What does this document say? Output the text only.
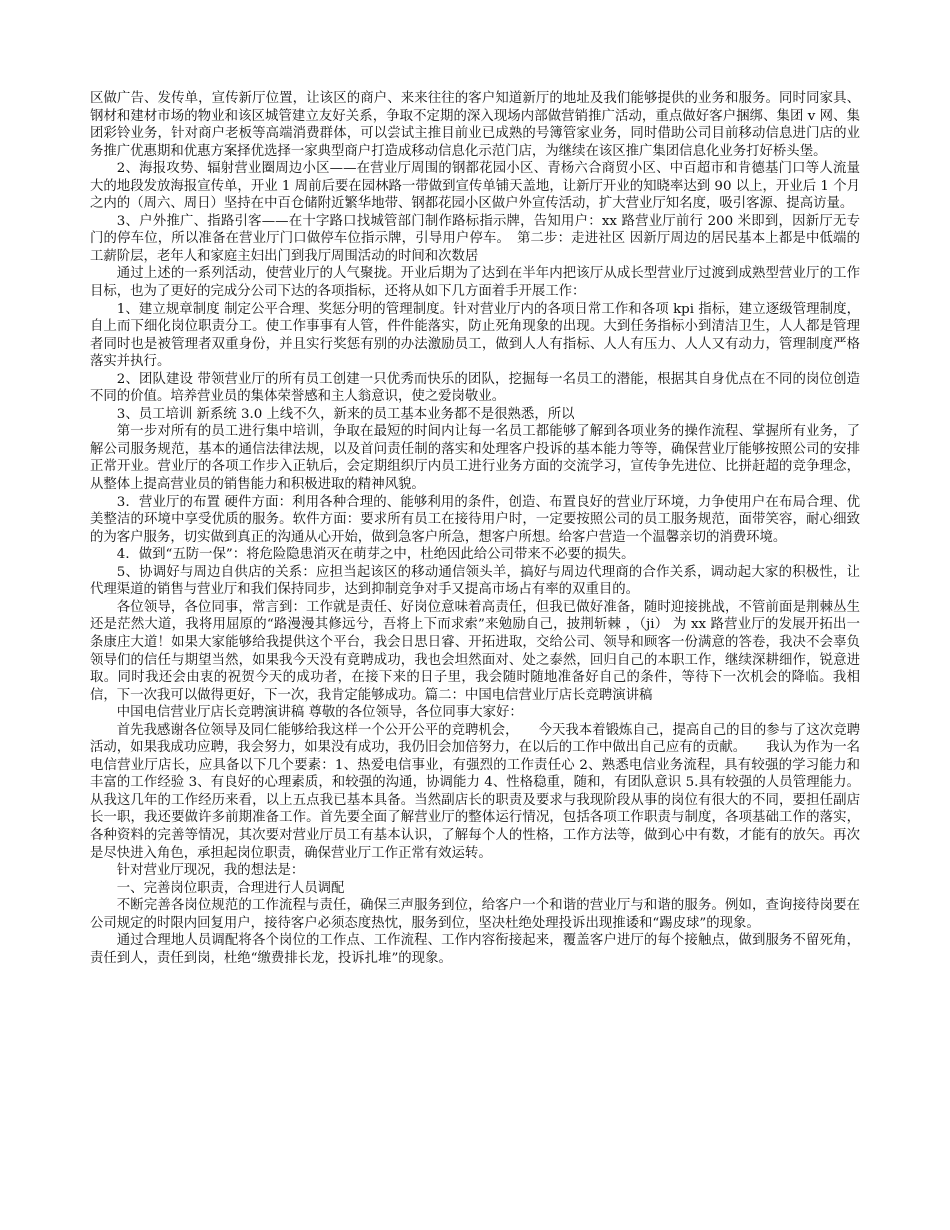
区做广告、发传单，宣传新厅位置，让该区的商户、来来往往的客户知道新厅的地址及我们能够提供的业务和服务。同时同家具、钢材和建材市场的物业和该区城管建立友好关系，争取不定期的深入现场内部做营销推广活动，重点做好客户捆绑、集团 v 网、集团彩铃业务，针对商户老板等高端消费群体，可以尝试主推目前业已成熟的号簿管家业务，同时借助公司目前移动信息进门店的业务推广优惠期和优惠方案择优选择一家典型商户打造成移动信息化示范门店，为继续在该区推广集团信息化业务打好桥头堡。

2、海报攻势、辐射营业圈周边小区——在营业厅周围的钢都花园小区、青杨六合商贸小区、中百超市和肯德基门口等人流量大的地段发放海报宣传单，开业 1 周前后要在园林路一带做到宣传单铺天盖地，让新厅开业的知晓率达到 90 以上，开业后 1 个月之内的（周六、周日）坚持在中百仓储附近繁华地带、钢都花园小区做户外宣传活动，扩大营业厅知名度，吸引客源、提高访量。

3、户外推广、指路引客——在十字路口找城管部门制作路标指示牌，告知用户：xx 路营业厅前行 200 米即到，因新厅无专门的停车位，所以准备在营业厅门口做停车位指示牌，引导用户停车。　第二步：走进社区 因新厅周边的居民基本上都是中低端的工薪阶层，老年人和家庭主妇出门到我厅周围活动的时间和次数居

通过上述的一系列活动，使营业厅的人气聚拢。开业后期为了达到在半年内把该厅从成长型营业厅过渡到成熟型营业厅的工作目标，也为了更好的完成分公司下达的各项指标，还将从如下几方面着手开展工作：

1、建立规章制度 制定公平合理、奖惩分明的管理制度。针对营业厅内的各项日常工作和各项 kpi 指标，建立逐级管理制度，自上而下细化岗位职责分工。使工作事事有人管，件件能落实，防止死角现象的出现。大到任务指标小到清洁卫生，人人都是管理者同时也是被管理者双重身份，并且实行奖惩有别的办法激励员工，做到人人有指标、人人有压力、人人又有动力，管理制度严格落实并执行。

2、团队建设 带领营业厅的所有员工创建一只优秀而快乐的团队，挖掘每一名员工的潜能，根据其自身优点在不同的岗位创造不同的价值。培养营业员的集体荣誉感和主人翁意识，使之爱岗敬业。

3、员工培训 新系统 3.0 上线不久，新来的员工基本业务都不是很熟悉，所以

第一步对所有的员工进行集中培训，争取在最短的时间内让每一名员工都能够了解到各项业务的操作流程、掌握所有业务，了解公司服务规范，基本的通信法律法规，以及首问责任制的落实和处理客户投诉的基本能力等等，确保营业厅能够按照公司的安排正常开业。营业厅的各项工作步入正轨后，会定期组织厅内员工进行业务方面的交流学习，宣传争先进位、比拼赶超的竞争理念，从整体上提高营业员的销售能力和积极进取的精神风貌。

3．营业厅的布置 硬件方面：利用各种合理的、能够利用的条件，创造、布置良好的营业厅环境，力争使用户在布局合理、优美整洁的环境中享受优质的服务。软件方面：要求所有员工在接待用户时，一定要按照公司的员工服务规范，面带笑容，耐心细致的为客户服务，切实做到真正的沟通从心开始，做到急客户所急，想客户所想。给客户营造一个温馨亲切的消费环境。

4．做到“五防一保”：将危险隐患消灭在萌芽之中，杜绝因此给公司带来不必要的损失。

5、协调好与周边自供店的关系：应担当起该区的移动通信领头羊，搞好与周边代理商的合作关系，调动起大家的积极性，让代理渠道的销售与营业厅和我们保持同步，达到抑制竞争对手又提高市场占有率的双重目的。

各位领导，各位同事，常言到：工作就是责任、好岗位意味着高责任，但我已做好准备，随时迎接挑战，不管前面是荆棘丛生还是茫然大道，我将用屈原的“路漫漫其修远兮，吾将上下而求索”来勉励自己，披荆斩棘 ，（ji） 为 xx 路营业厅的发展开拓出一条康庄大道！如果大家能够给我提供这个平台，我会日思日睿、开拓进取，交给公司、领导和顾客一份满意的答卷，我决不会辜负领导们的信任与期望当然，如果我今天没有竟聘成功，我也会坦然面对、处之泰然，回归自己的本职工作，继续深耕细作，锐意进取。同时我还会由衷的祝贺今天的成功者，在接下来的日子里，我会随时随地准备好自己的条件，等待下一次机会的降临。我相信，下一次我可以做得更好，下一次，我肯定能够成功。篇二：中国电信营业厅店长竞聘演讲稿

中国电信营业厅店长竞聘演讲稿 尊敬的各位领导，各位同事大家好：

首先我感谢各位领导及同仁能够给我这样一个公开公平的竞聘机会，　　今天我本着锻炼自己，提高自己的目的参与了这次竞聘活动，如果我成功应聘，我会努力，如果没有成功，我仍旧会加倍努力，在以后的工作中做出自己应有的贡献。　　我认为作为一名电信营业厅店长，应具备以下几个要素：1、热爱电信事业，有强烈的工作责任心 2、熟悉电信业务流程，具有较强的学习能力和丰富的工作经验 3、有良好的心理素质，和较强的沟通，协调能力 4、性格稳重，随和，有团队意识 5.具有较强的人员管理能力。从我这几年的工作经历来看，以上五点我已基本具备。当然副店长的职责及要求与我现阶段从事的岗位有很大的不同，要担任副店长一职，我还要做许多前期准备工作。首先要全面了解营业厅的整体运行情况，包括各项工作职责与制度，各项基础工作的落实，各种资料的完善等情况，其次要对营业厅员工有基本认识，了解每个人的性格，工作方法等，做到心中有数，才能有的放矢。再次是尽快进入角色，承担起岗位职责，确保营业厅工作正常有效运转。

针对营业厅现况，我的想法是：

一、完善岗位职责，合理进行人员调配

不断完善各岗位规范的工作流程与责任，确保三声服务到位，给客户一个和谐的营业厅与和谐的服务。例如，查询接待岗要在公司规定的时限内回复用户，接待客户必须态度热忱，服务到位，坚决杜绝处理投诉出现推诿和“踢皮球”的现象。

通过合理地人员调配将各个岗位的工作点、工作流程、工作内容衔接起来，覆盖客户进厅的每个接触点，做到服务不留死角，责任到人，责任到岗，杜绝“缴费排长龙，投诉扎堆”的现象。
